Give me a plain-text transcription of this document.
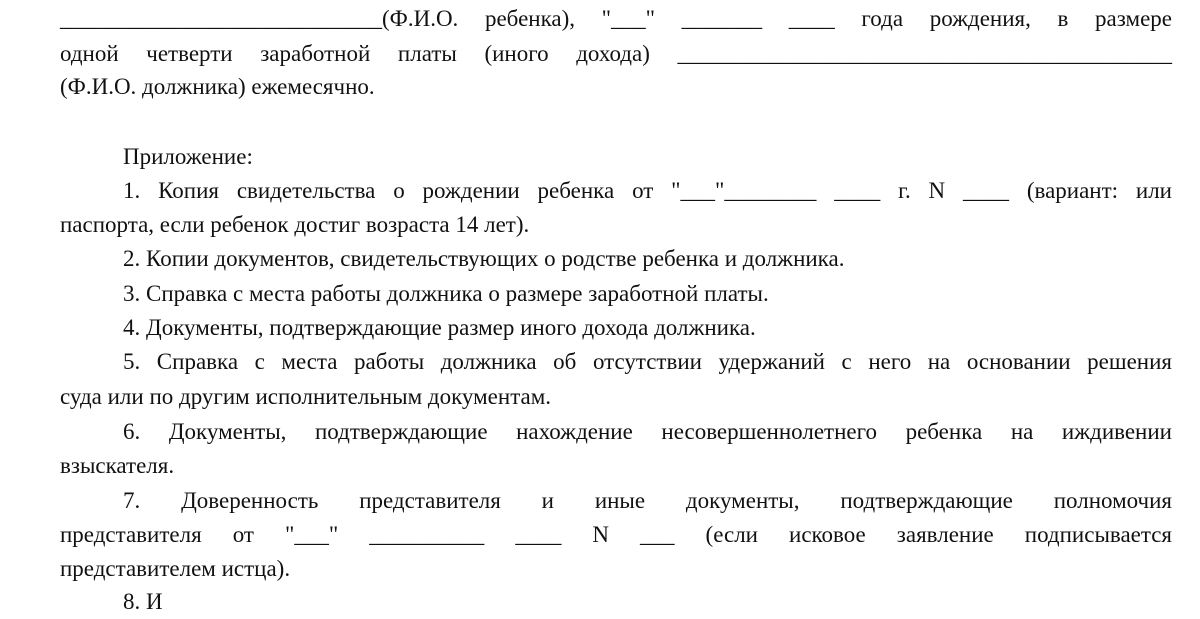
____________________________(Ф.И.О. ребенка), "___" _______ ____ года рождения, в размере
одной четверти заработной платы (иного дохода) ___________________________________________
(Ф.И.О. должника) ежемесячно.
Приложение:
1. Копия свидетельства о рождении ребенка от "___"________ ____ г. N ____ (вариант: или
паспорта, если ребенок достиг возраста 14 лет).
2. Копии документов, свидетельствующих о родстве ребенка и должника.
3. Справка с места работы должника о размере заработной платы.
4. Документы, подтверждающие размер иного дохода должника.
5. Справка с места работы должника об отсутствии удержаний с него на основании решения
суда или по другим исполнительным документам.
6. Документы, подтверждающие нахождение несовершеннолетнего ребенка на иждивении
взыскателя.
7. Доверенность представителя и иные документы, подтверждающие полномочия
представителя от "___" __________ ____ N ___ (если исковое заявление подписывается
представителем истца).
8. И
